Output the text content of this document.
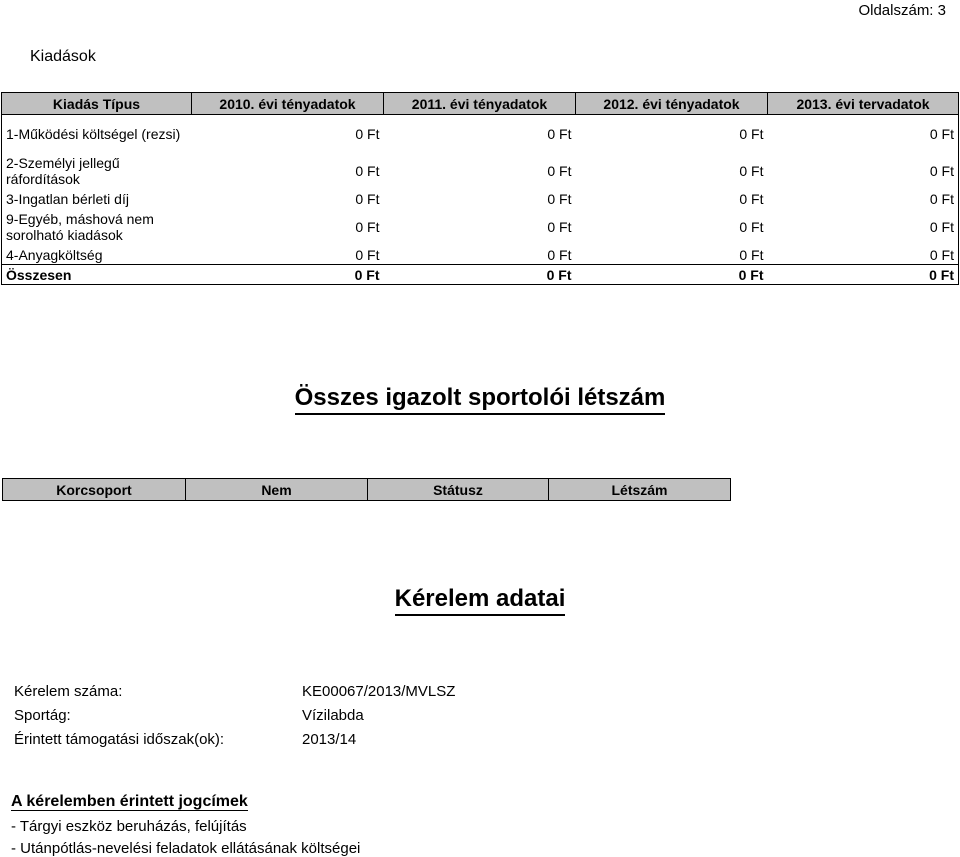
Oldalszám: 3
Kiadások
Kiadás Típus	2010. évi tényadatok	2011. évi tényadatok	2012. évi tényadatok	2013. évi tervadatok
1-Működési költségel (rezsi)	0 Ft	0 Ft	0 Ft	0 Ft
2-Személyi jellegű ráfordítások	0 Ft	0 Ft	0 Ft	0 Ft
3-Ingatlan bérleti díj	0 Ft	0 Ft	0 Ft	0 Ft
9-Egyéb, máshová nem sorolható kiadások	0 Ft	0 Ft	0 Ft	0 Ft
4-Anyagköltség	0 Ft	0 Ft	0 Ft	0 Ft
Összesen	0 Ft	0 Ft	0 Ft	0 Ft
Összes igazolt sportolói létszám
Korcsoport	Nem	Státusz	Létszám
Kérelem adatai
Kérelem száma:	KE00067/2013/MVLSZ
Sportág:	Vízilabda
Érintett támogatási időszak(ok):	2013/14
A kérelemben érintett jogcímek
- Tárgyi eszköz beruházás, felújítás
- Utánpótlás-nevelési feladatok ellátásának költségei
